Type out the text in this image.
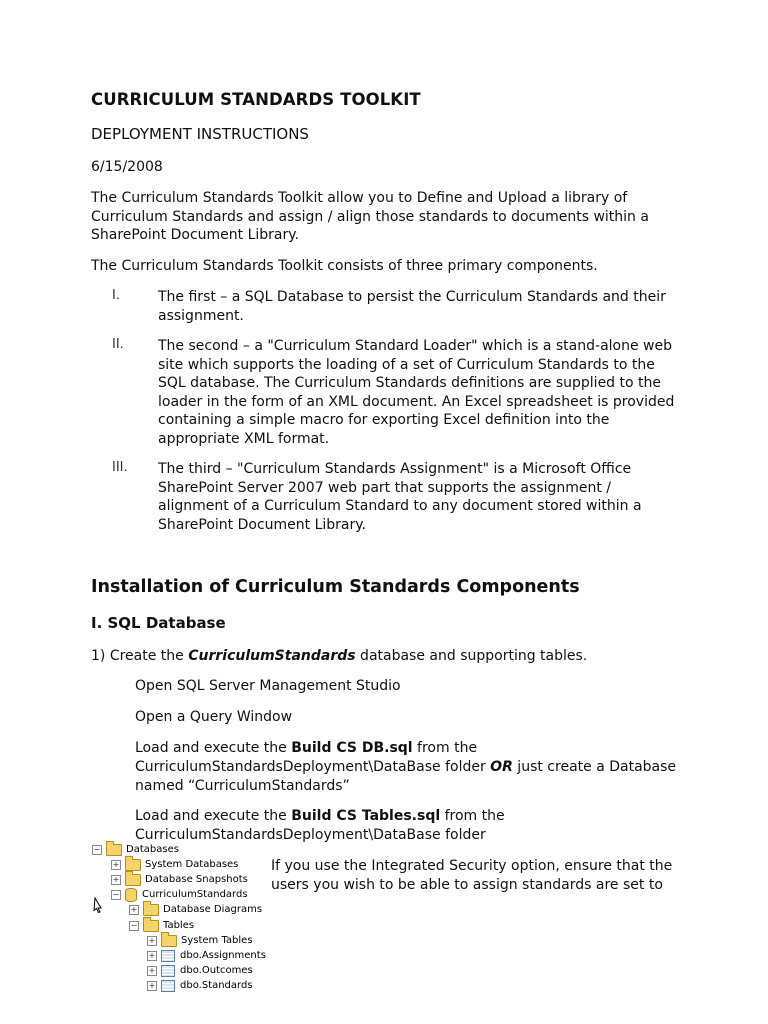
CURRICULUM STANDARDS TOOLKIT
DEPLOYMENT INSTRUCTIONS
6/15/2008
The Curriculum Standards Toolkit allow you to Define and Upload a library of
Curriculum Standards and assign / align those standards to documents within a
SharePoint Document Library.
The Curriculum Standards Toolkit consists of three primary components.
I.	The first – a SQL Database to persist the Curriculum Standards and their
assignment.
II. The second – a "Curriculum Standard Loader" which is a stand-alone web
site which supports the loading of a set of Curriculum Standards to the
SQL database. The Curriculum Standards definitions are supplied to the
loader in the form of an XML document. An Excel spreadsheet is provided
containing a simple macro for exporting Excel definition into the
appropriate XML format.
III. The third – "Curriculum Standards Assignment" is a Microsoft Office
SharePoint Server 2007 web part that supports the assignment /
alignment of a Curriculum Standard to any document stored within a
SharePoint Document Library.
Installation of Curriculum Standards Components
I. SQL Database
1) Create the CurriculumStandards database and supporting tables.
Open SQL Server Management Studio
Open a Query Window
Load and execute the Build CS DB.sql from the
CurriculumStandardsDeployment\DataBase folder OR just create a Database
named “CurriculumStandards”
Load and execute the Build CS Tables.sql from the
CurriculumStandardsDeployment\DataBase folder
If you use the Integrated Security option, ensure that the
users you wish to be able to assign standards are set to
−	Databases
+	System Databases
+	Database Snapshots
− CurriculumStandards
+	Database Diagrams
−	Tables
+	System Tables
+ dbo.Assignments
+ dbo.Outcomes
+ dbo.Standards
